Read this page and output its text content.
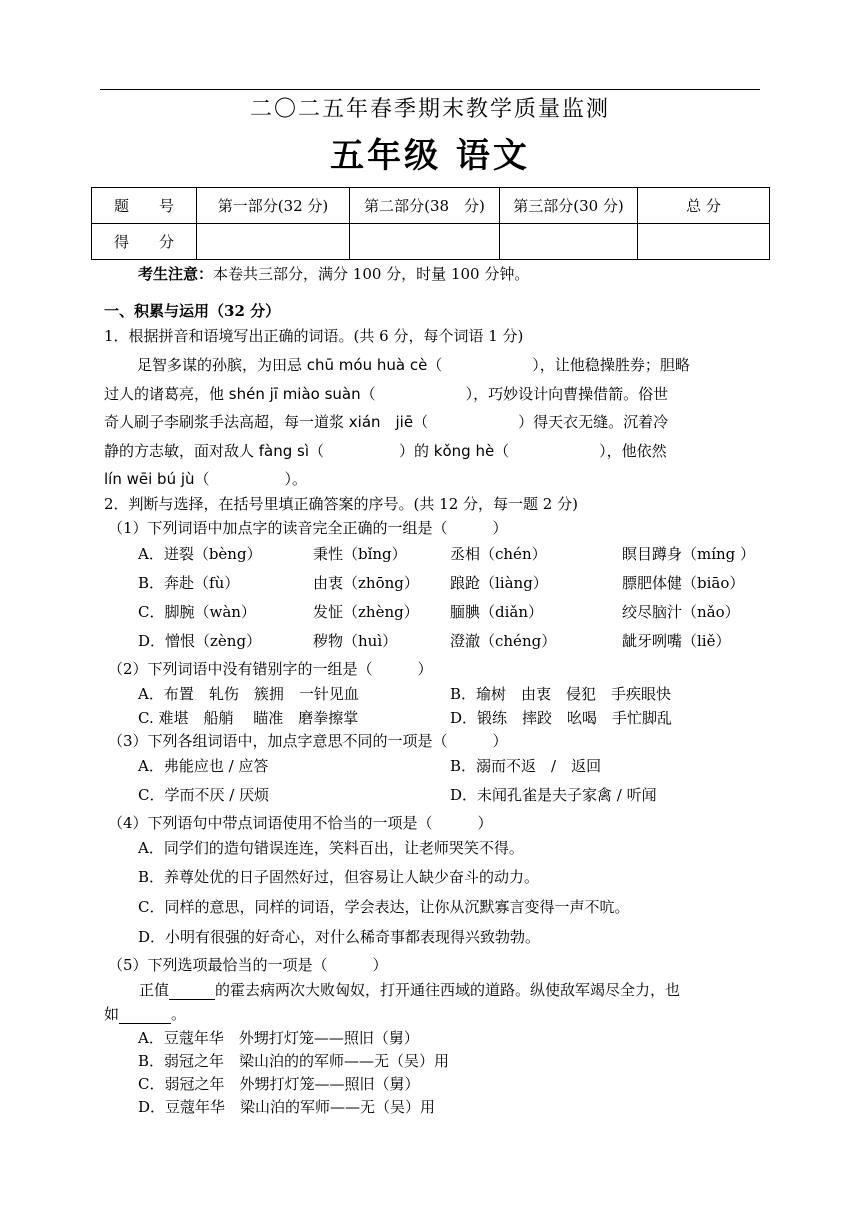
二〇二五年春季期末教学质量监测
五年级 语文
题　　号	第一部分(32 分)	第二部分(38　分)	第三部分(30 分)	总 分
得　　分				
考生注意：本卷共三部分，满分 100 分，时量 100 分钟。
一、积累与运用（32 分）
1．根据拼音和语境写出正确的词语。(共 6 分，每个词语 1 分)
足智多谋的孙膑，为田忌 chū móu huà cè（　　　　　　），让他稳操胜券；胆略
过人的诸葛亮，他 shén jī miào suàn（　　　　　　），巧妙设计向曹操借箭。俗世
奇人刷子李刷浆手法高超，每一道浆 xián　jiē（　　　　　　）得天衣无缝。沉着冷
静的方志敏，面对敌人 fàng sì（　　　　　）的 kǒng hè（　　　　　　），他依然
lín wēi bú jù（　　　　　）。
2．判断与选择，在括号里填正确答案的序号。(共 12 分，每一题 2 分)
（1）下列词语中加点字的读音完全正确的一组是（　　　）
A．迸裂（bèng）	秉性（bǐng）	丞相（chén）	瞑目蹲身（míng ）
B．奔赴（fù）	由衷（zhōng） 踉跄（liàng）	膘肥体健（biāo）
C．脚腕（wàn）	发怔（zhèng） 腼腆（diǎn）	绞尽脑汁（nǎo）
D．憎恨（zèng）	秽物（huì）	澄澈（chéng）	龇牙咧嘴（liě）
（2）下列词语中没有错别字的一组是（　　　）
A．布置　轧伤　簇拥　一针见血	B．瑜树　由衷　侵犯　手疾眼快
C. 难堪　船艄　 瞄准　磨拳擦掌	D．锻练　摔跤　吆喝　手忙脚乱
（3）下列各组词语中，加点字意思不同的一项是（　　　）
A．弗能应也 / 应答	B．溺而不返　/　返回
C．学而不厌 / 厌烦	D．未闻孔雀是夫子家禽 / 听闻
（4）下列语句中带点词语使用不恰当的一项是（　　　）
A．同学们的造句错误连连，笑料百出，让老师哭笑不得。
B．养尊处优的日子固然好过，但容易让人缺少奋斗的动力。
C．同样的意思，同样的词语，学会表达，让你从沉默寡言变得一声不吭。
D．小明有很强的好奇心，对什么稀奇事都表现得兴致勃勃。
（5）下列选项最恰当的一项是（　　　）
正值	的霍去病两次大败匈奴，打开通往西域的道路。纵使敌军竭尽全力，也
如	。
A．豆蔻年华　外甥打灯笼——照旧（舅）
B．弱冠之年　梁山泊的的军师——无（吴）用
C．弱冠之年　外甥打灯笼——照旧（舅）
D．豆蔻年华　梁山泊的军师——无（吴）用
